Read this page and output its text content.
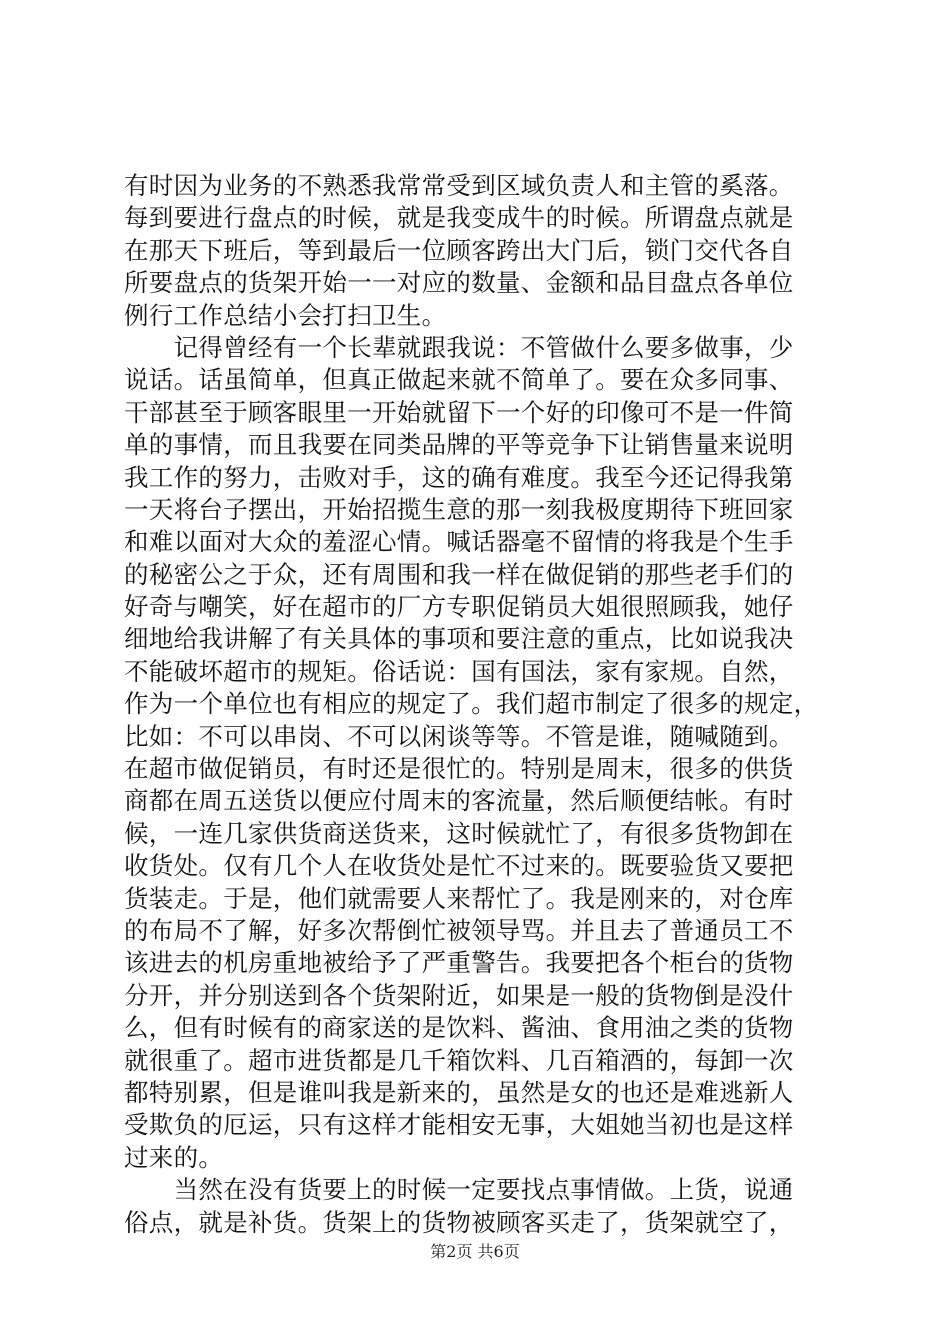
有时因为业务的不熟悉我常常受到区域负责人和主管的奚落。
每到要进行盘点的时候，就是我变成牛的时候。所谓盘点就是
在那天下班后，等到最后一位顾客跨出大门后，锁门交代各自
所要盘点的货架开始一一对应的数量、金额和品目盘点各单位
例行工作总结小会打扫卫生。
　　记得曾经有一个长辈就跟我说：不管做什么要多做事，少
说话。话虽简单，但真正做起来就不简单了。要在众多同事、
干部甚至于顾客眼里一开始就留下一个好的印像可不是一件简
单的事情，而且我要在同类品牌的平等竞争下让销售量来说明
我工作的努力，击败对手，这的确有难度。我至今还记得我第
一天将台子摆出，开始招揽生意的那一刻我极度期待下班回家
和难以面对大众的羞涩心情。喊话器毫不留情的将我是个生手
的秘密公之于众，还有周围和我一样在做促销的那些老手们的
好奇与嘲笑，好在超市的厂方专职促销员大姐很照顾我，她仔
细地给我讲解了有关具体的事项和要注意的重点，比如说我决
不能破坏超市的规矩。俗话说：国有国法，家有家规。自然，
作为一个单位也有相应的规定了。我们超市制定了很多的规定，
比如：不可以串岗、不可以闲谈等等。不管是谁，随喊随到。
在超市做促销员，有时还是很忙的。特别是周末，很多的供货
商都在周五送货以便应付周末的客流量，然后顺便结帐。有时
候，一连几家供货商送货来，这时候就忙了，有很多货物卸在
收货处。仅有几个人在收货处是忙不过来的。既要验货又要把
货装走。于是，他们就需要人来帮忙了。我是刚来的，对仓库
的布局不了解，好多次帮倒忙被领导骂。并且去了普通员工不
该进去的机房重地被给予了严重警告。我要把各个柜台的货物
分开，并分别送到各个货架附近，如果是一般的货物倒是没什
么，但有时候有的商家送的是饮料、酱油、食用油之类的货物
就很重了。超市进货都是几千箱饮料、几百箱酒的，每卸一次
都特别累，但是谁叫我是新来的，虽然是女的也还是难逃新人
受欺负的厄运，只有这样才能相安无事，大姐她当初也是这样
过来的。
　　当然在没有货要上的时候一定要找点事情做。上货，说通
俗点，就是补货。货架上的货物被顾客买走了，货架就空了，
第2页 共6页
